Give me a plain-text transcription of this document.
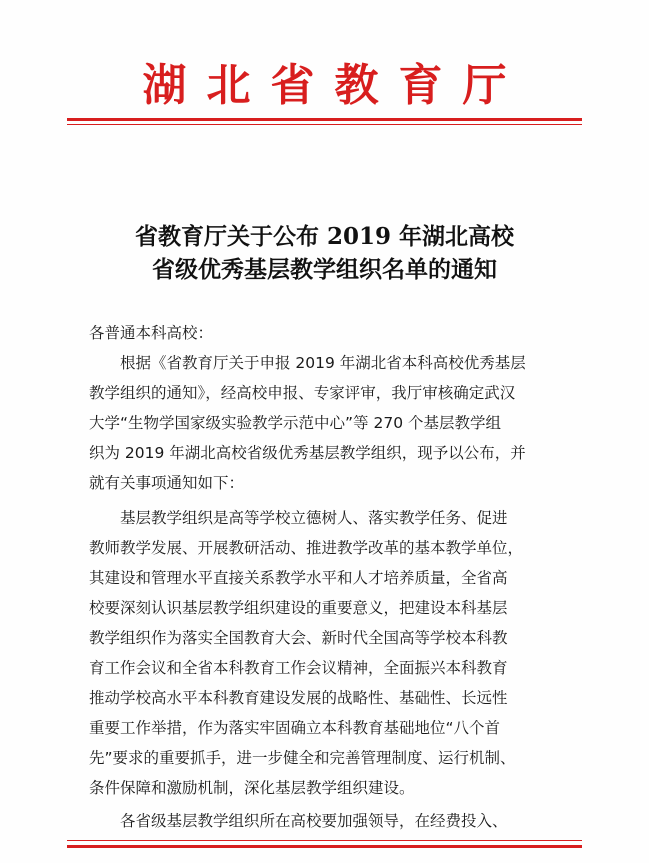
湖北省教育厅
省教育厅关于公布 2019 年湖北高校
省级优秀基层教学组织名单的通知
各普通本科高校：
根据《省教育厅关于申报 2019 年湖北省本科高校优秀基层
教学组织的通知》，经高校申报、专家评审，我厅审核确定武汉
大学“生物学国家级实验教学示范中心”等 270 个基层教学组
织为 2019 年湖北高校省级优秀基层教学组织，现予以公布，并
就有关事项通知如下：
基层教学组织是高等学校立德树人、落实教学任务、促进
教师教学发展、开展教研活动、推进教学改革的基本教学单位，
其建设和管理水平直接关系教学水平和人才培养质量，全省高
校要深刻认识基层教学组织建设的重要意义，把建设本科基层
教学组织作为落实全国教育大会、新时代全国高等学校本科教
育工作会议和全省本科教育工作会议精神，全面振兴本科教育
推动学校高水平本科教育建设发展的战略性、基础性、长远性
重要工作举措，作为落实牢固确立本科教育基础地位“八个首
先”要求的重要抓手，进一步健全和完善管理制度、运行机制、
条件保障和激励机制，深化基层教学组织建设。
各省级基层教学组织所在高校要加强领导，在经费投入、
